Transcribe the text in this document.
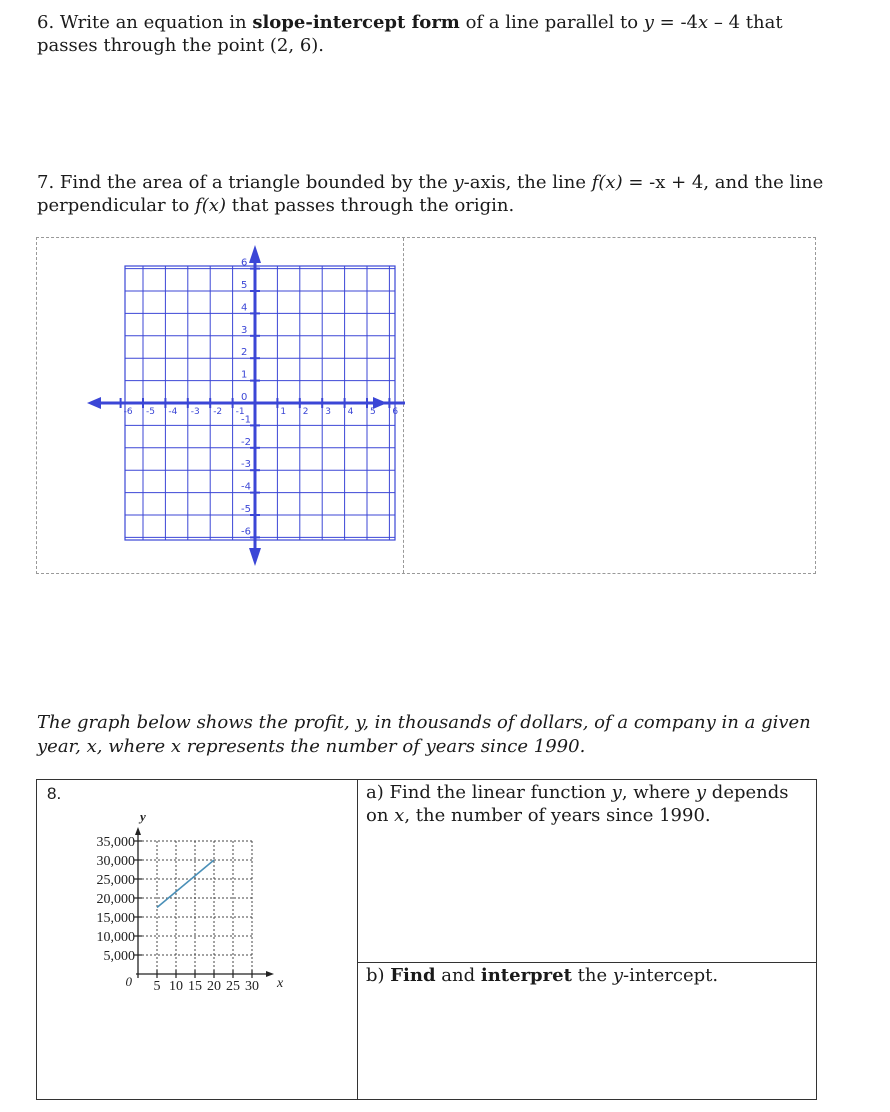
6. Write an equation in slope-intercept form of a line parallel to y = -4x – 4 that passes through the point (2, 6).
7. Find the area of a triangle bounded by the y-axis, the line f(x) = -x + 4, and the line perpendicular to f(x) that passes through the origin.
-6 -5 -4 -3 -2 -1	1 2 3 4 5 6
6
5
4
3
2
1
0
-1
-2
-3
-4
-5
-6
The graph below shows the profit, y, in thousands of dollars, of a company in a given year, x, where x represents the number of years since 1990.
8.
5,000
10,000
15,000
20,000
25,000
30,000
35,000
5 10 15 20 25 30
0
y
x
a) Find the linear function y, where y depends on x, the number of years since 1990.
b) Find and interpret the y-intercept.
